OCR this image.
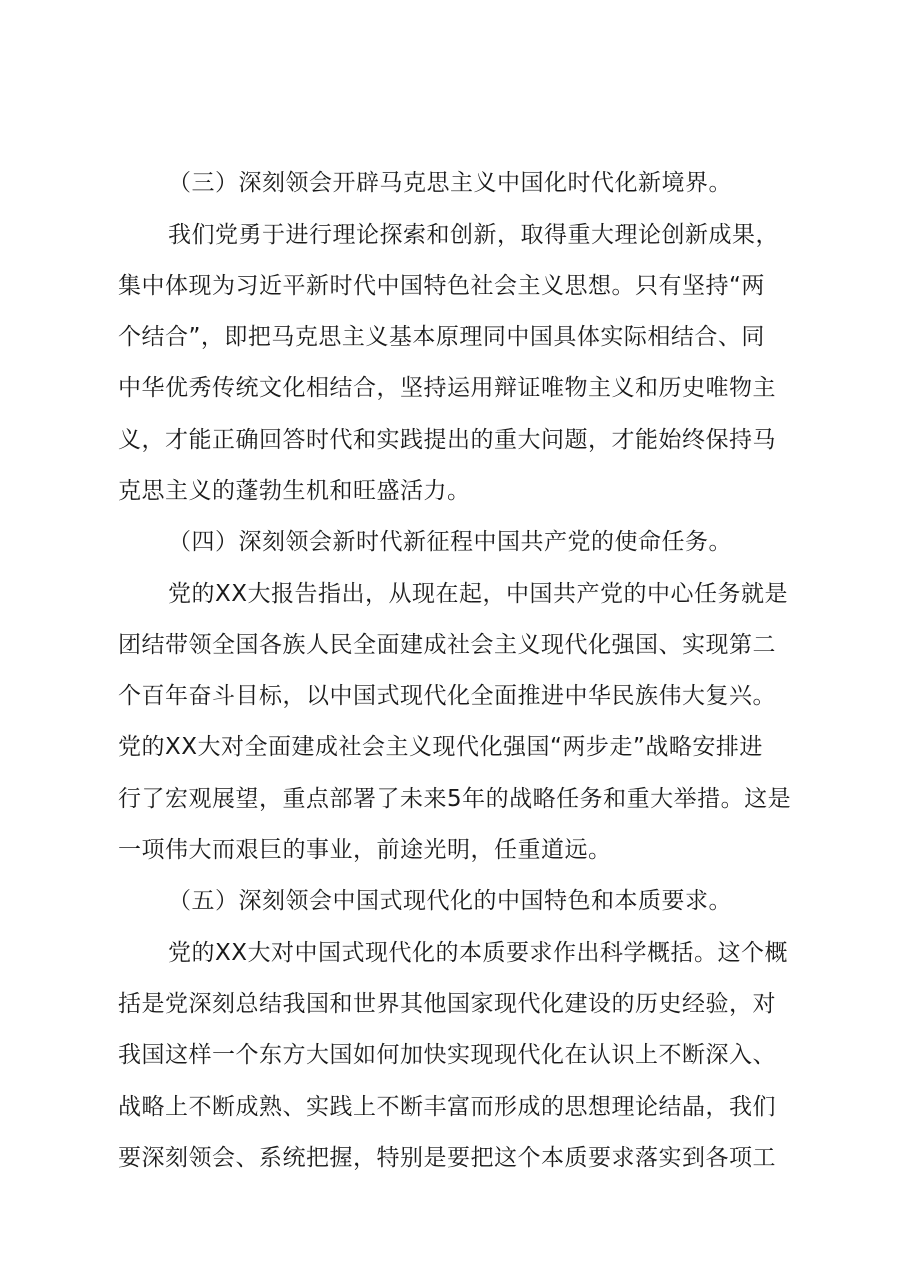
（三）深刻领会开辟马克思主义中国化时代化新境界。
我们党勇于进行理论探索和创新，取得重大理论创新成果，
集中体现为习近平新时代中国特色社会主义思想。只有坚持“两
个结合”，即把马克思主义基本原理同中国具体实际相结合、同
中华优秀传统文化相结合，坚持运用辩证唯物主义和历史唯物主
义，才能正确回答时代和实践提出的重大问题，才能始终保持马
克思主义的蓬勃生机和旺盛活力。
（四）深刻领会新时代新征程中国共产党的使命任务。
党的XX大报告指出，从现在起，中国共产党的中心任务就是
团结带领全国各族人民全面建成社会主义现代化强国、实现第二
个百年奋斗目标，以中国式现代化全面推进中华民族伟大复兴。
党的XX大对全面建成社会主义现代化强国“两步走”战略安排进
行了宏观展望，重点部署了未来5年的战略任务和重大举措。这是
一项伟大而艰巨的事业，前途光明，任重道远。
（五）深刻领会中国式现代化的中国特色和本质要求。
党的XX大对中国式现代化的本质要求作出科学概括。这个概
括是党深刻总结我国和世界其他国家现代化建设的历史经验，对
我国这样一个东方大国如何加快实现现代化在认识上不断深入、
战略上不断成熟、实践上不断丰富而形成的思想理论结晶，我们
要深刻领会、系统把握，特别是要把这个本质要求落实到各项工
